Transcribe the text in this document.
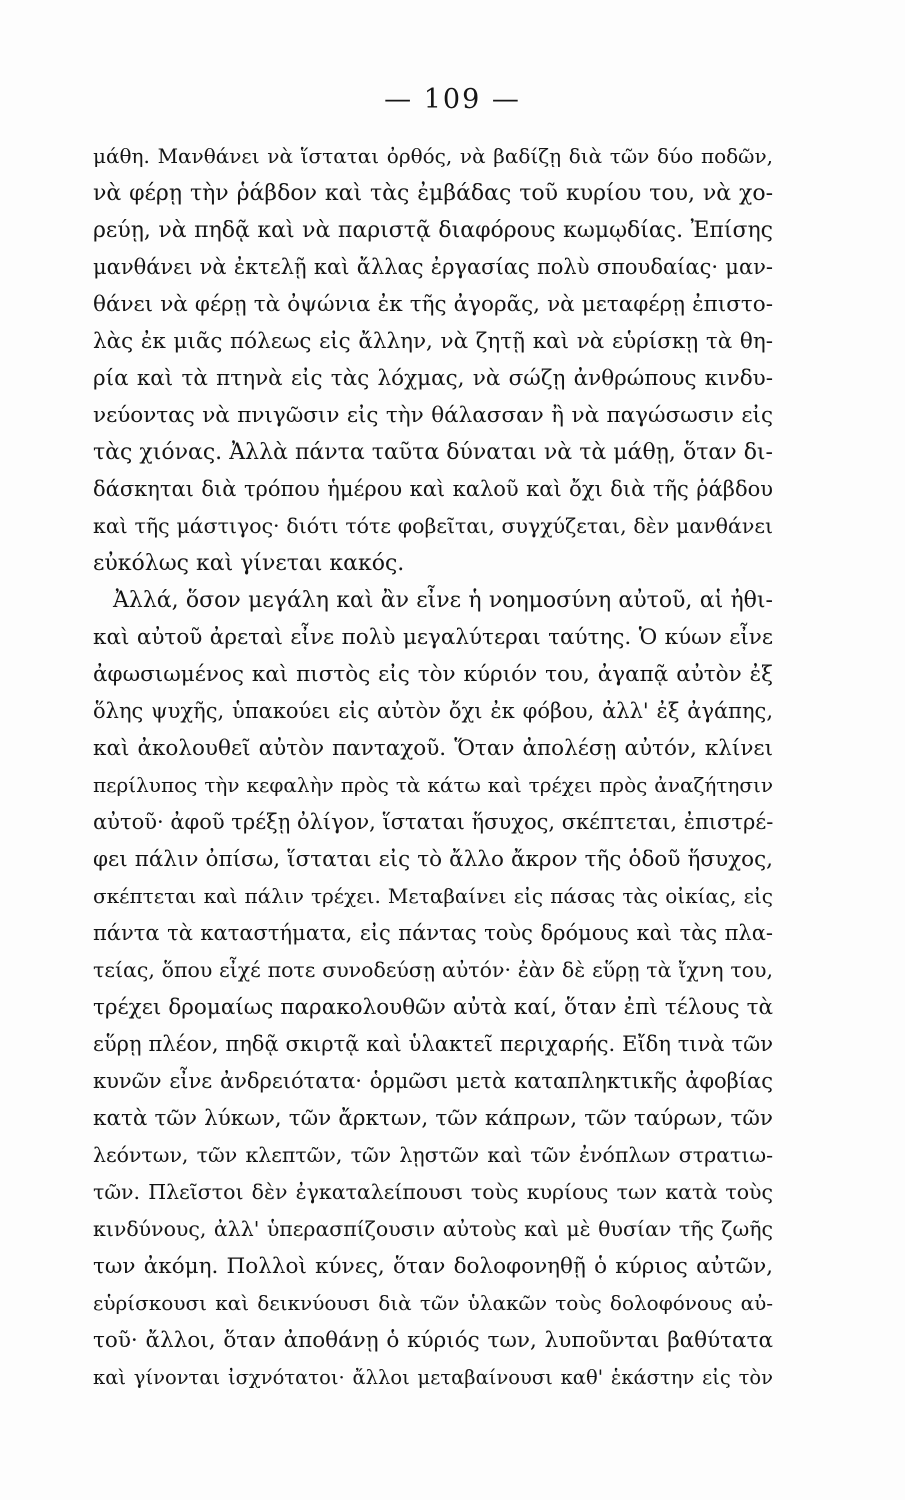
— 109 —
μάθη. Μανθάνει νὰ ἵσταται ὀρθός, νὰ βαδίζῃ διὰ τῶν δύο ποδῶν,
νὰ φέρῃ τὴν ῥάβδον καὶ τὰς ἐμβάδας τοῦ κυρίου του, νὰ χο-
ρεύῃ, νὰ πηδᾷ καὶ νὰ παριστᾷ διαφόρους κωμῳδίας. Ἐπίσης
μανθάνει νὰ ἐκτελῇ καὶ ἄλλας ἐργασίας πολὺ σπουδαίας· μαν-
θάνει νὰ φέρῃ τὰ ὀψώνια ἐκ τῆς ἀγορᾶς, νὰ μεταφέρῃ ἐπιστο-
λὰς ἐκ μιᾶς πόλεως εἰς ἄλλην, νὰ ζητῇ καὶ νὰ εὑρίσκῃ τὰ θη-
ρία καὶ τὰ πτηνὰ εἰς τὰς λόχμας, νὰ σώζῃ ἀνθρώπους κινδυ-
νεύοντας νὰ πνιγῶσιν εἰς τὴν θάλασσαν ἢ νὰ παγώσωσιν εἰς
τὰς χιόνας. Ἀλλὰ πάντα ταῦτα δύναται νὰ τὰ μάθῃ, ὅταν δι-
δάσκηται διὰ τρόπου ἡμέρου καὶ καλοῦ καὶ ὄχι διὰ τῆς ῥάβδου
καὶ τῆς μάστιγος· διότι τότε φοβεῖται, συγχύζεται, δὲν μανθάνει
εὐκόλως καὶ γίνεται κακός.
Ἀλλά, ὅσον μεγάλη καὶ ἂν εἶνε ἡ νοημοσύνη αὐτοῦ, αἱ ἠθι-
καὶ αὐτοῦ ἀρεταὶ εἶνε πολὺ μεγαλύτεραι ταύτης. Ὁ κύων εἶνε
ἀφωσιωμένος καὶ πιστὸς εἰς τὸν κύριόν του, ἀγαπᾷ αὐτὸν ἐξ
ὅλης ψυχῆς, ὑπακούει εἰς αὐτὸν ὄχι ἐκ φόβου, ἀλλ' ἐξ ἀγάπης,
καὶ ἀκολουθεῖ αὐτὸν πανταχοῦ. Ὅταν ἀπολέσῃ αὐτόν, κλίνει
περίλυπος τὴν κεφαλὴν πρὸς τὰ κάτω καὶ τρέχει πρὸς ἀναζήτησιν
αὐτοῦ· ἀφοῦ τρέξῃ ὀλίγον, ἵσταται ἥσυχος, σκέπτεται, ἐπιστρέ-
φει πάλιν ὀπίσω, ἵσταται εἰς τὸ ἄλλο ἄκρον τῆς ὁδοῦ ἥσυχος,
σκέπτεται καὶ πάλιν τρέχει. Μεταβαίνει εἰς πάσας τὰς οἰκίας, εἰς
πάντα τὰ καταστήματα, εἰς πάντας τοὺς δρόμους καὶ τὰς πλα-
τείας, ὅπου εἶχέ ποτε συνοδεύσῃ αὐτόν· ἐὰν δὲ εὕρῃ τὰ ἴχνη του,
τρέχει δρομαίως παρακολουθῶν αὐτὰ καί, ὅταν ἐπὶ τέλους τὰ
εὕρῃ πλέον, πηδᾷ σκιρτᾷ καὶ ὑλακτεῖ περιχαρής. Εἴδη τινὰ τῶν
κυνῶν εἶνε ἀνδρειότατα· ὁρμῶσι μετὰ καταπληκτικῆς ἀφοβίας
κατὰ τῶν λύκων, τῶν ἄρκτων, τῶν κάπρων, τῶν ταύρων, τῶν
λεόντων, τῶν κλεπτῶν, τῶν λῃστῶν καὶ τῶν ἐνόπλων στρατιω-
τῶν. Πλεῖστοι δὲν ἐγκαταλείπουσι τοὺς κυρίους των κατὰ τοὺς
κινδύνους, ἀλλ' ὑπερασπίζουσιν αὐτοὺς καὶ μὲ θυσίαν τῆς ζωῆς
των ἀκόμη. Πολλοὶ κύνες, ὅταν δολοφονηθῇ ὁ κύριος αὐτῶν,
εὑρίσκουσι καὶ δεικνύουσι διὰ τῶν ὑλακῶν τοὺς δολοφόνους αὐ-
τοῦ· ἄλλοι, ὅταν ἀποθάνῃ ὁ κύριός των, λυποῦνται βαθύτατα
καὶ γίνονται ἰσχνότατοι· ἄλλοι μεταβαίνουσι καθ' ἑκάστην εἰς τὸν
